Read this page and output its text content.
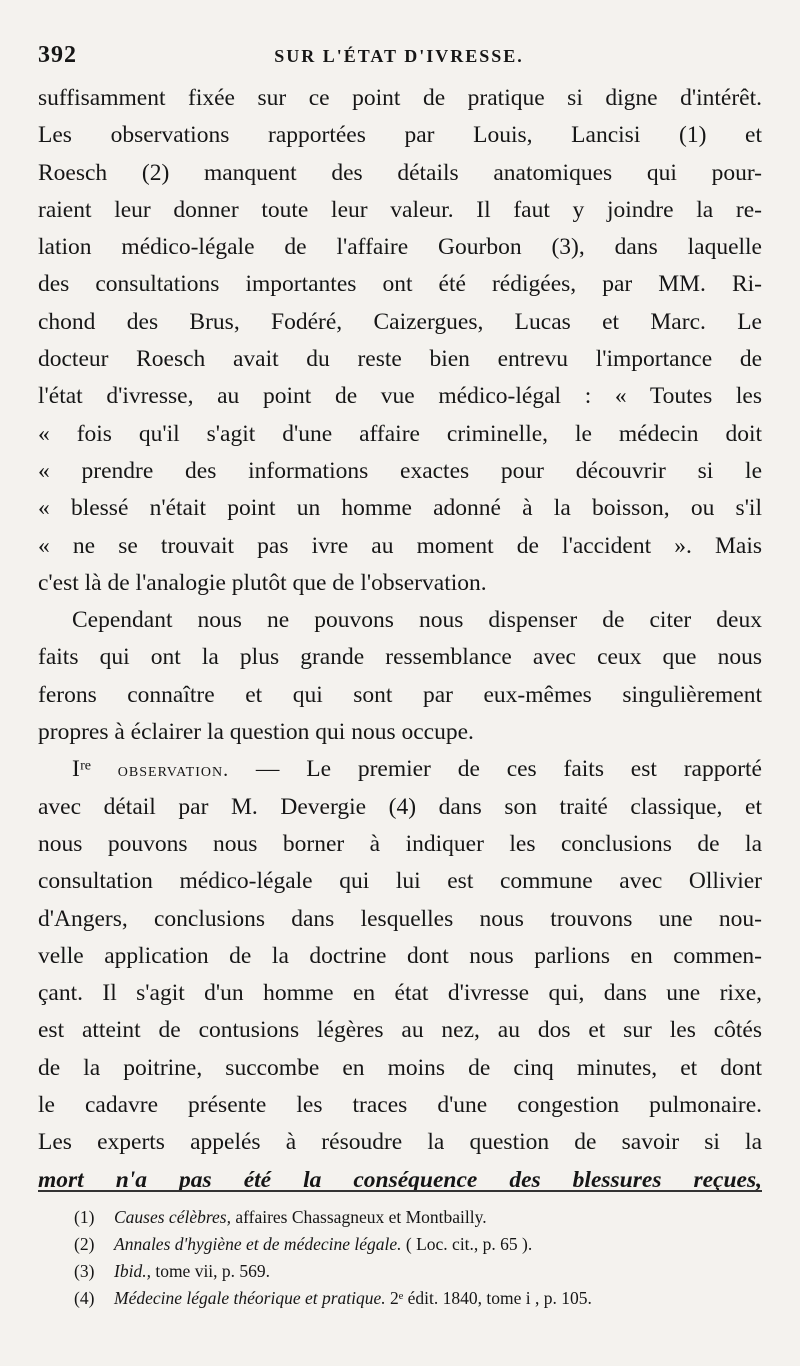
392	SUR L'ÉTAT D'IVRESSE.
suffisamment fixée sur ce point de pratique si digne d'intérêt.
Les observations rapportées par Louis, Lancisi (1) et
Roesch (2) manquent des détails anatomiques qui pour-
raient leur donner toute leur valeur. Il faut y joindre la re-
lation médico-légale de l'affaire Gourbon (3), dans laquelle
des consultations importantes ont été rédigées, par MM. Ri-
chond des Brus, Fodéré, Caizergues, Lucas et Marc. Le
docteur Roesch avait du reste bien entrevu l'importance de
l'état d'ivresse, au point de vue médico-légal : « Toutes les
« fois qu'il s'agit d'une affaire criminelle, le médecin doit
« prendre des informations exactes pour découvrir si le
« blessé n'était point un homme adonné à la boisson, ou s'il
« ne se trouvait pas ivre au moment de l'accident ». Mais
c'est là de l'analogie plutôt que de l'observation.
Cependant nous ne pouvons nous dispenser de citer deux
faits qui ont la plus grande ressemblance avec ceux que nous
ferons connaître et qui sont par eux-mêmes singulièrement
propres à éclairer la question qui nous occupe.
Iʳᵉ observation. — Le premier de ces faits est rapporté
avec détail par M. Devergie (4) dans son traité classique, et
nous pouvons nous borner à indiquer les conclusions de la
consultation médico-légale qui lui est commune avec Ollivier
d'Angers, conclusions dans lesquelles nous trouvons une nou-
velle application de la doctrine dont nous parlions en commen-
çant. Il s'agit d'un homme en état d'ivresse qui, dans une rixe,
est atteint de contusions légères au nez, au dos et sur les côtés
de la poitrine, succombe en moins de cinq minutes, et dont
le cadavre présente les traces d'une congestion pulmonaire.
Les experts appelés à résoudre la question de savoir si la
mort n'a pas été la conséquence des blessures reçues,
(1) Causes célèbres, affaires Chassagneux et Montbailly.
(2) Annales d'hygiène et de médecine légale. ( Loc. cit., p. 65 ).
(3) Ibid., tome vii, p. 569.
(4) Médecine légale théorique et pratique. 2ᵉ édit. 1840, tome i , p. 105.
